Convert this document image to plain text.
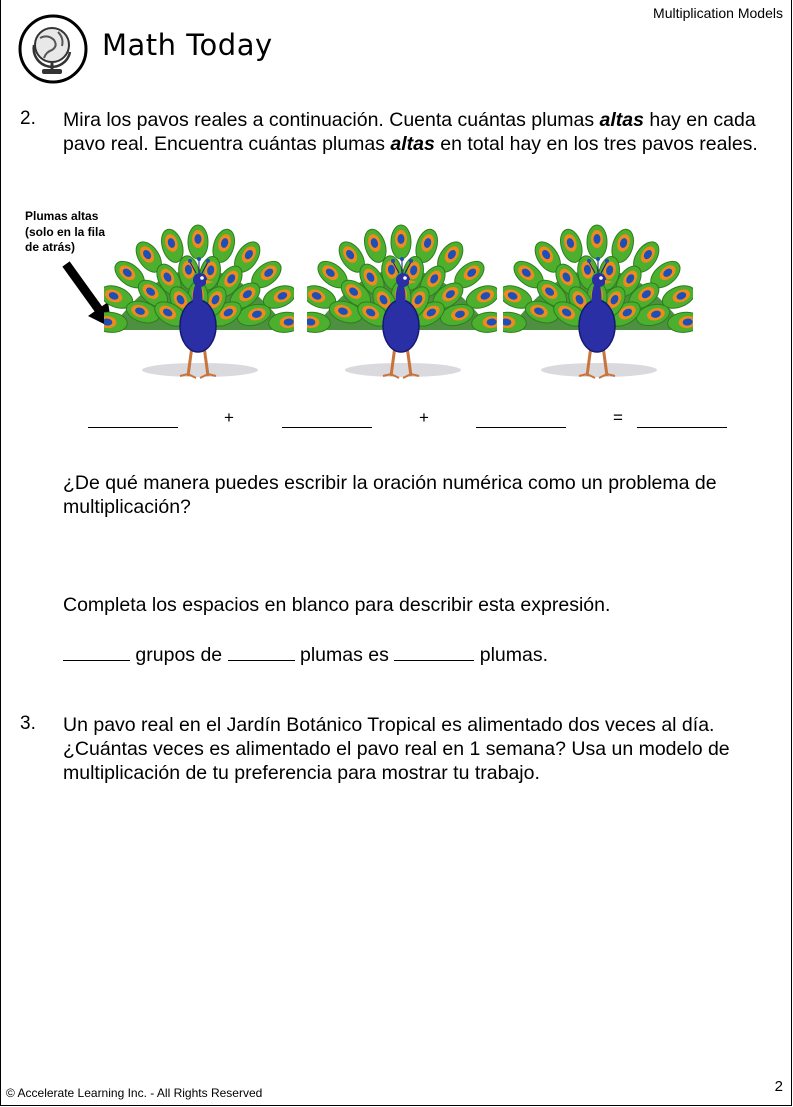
Multiplication Models
Math Today
2. Mira los pavos reales a continuación. Cuenta cuántas plumas altas hay en cada pavo real. Encuentra cuántas plumas altas en total hay en los tres pavos reales.
Plumas altas
(solo en la fila
de atrás)
+	+	=
¿De qué manera puedes escribir la oración numérica como un problema de multiplicación?
Completa los espacios en blanco para describir esta expresión.
grupos de	plumas es	plumas.
3. Un pavo real en el Jardín Botánico Tropical es alimentado dos veces al día. ¿Cuántas veces es alimentado el pavo real en 1 semana? Usa un modelo de multiplicación de tu preferencia para mostrar tu trabajo.
© Accelerate Learning Inc. - All Rights Reserved	2
